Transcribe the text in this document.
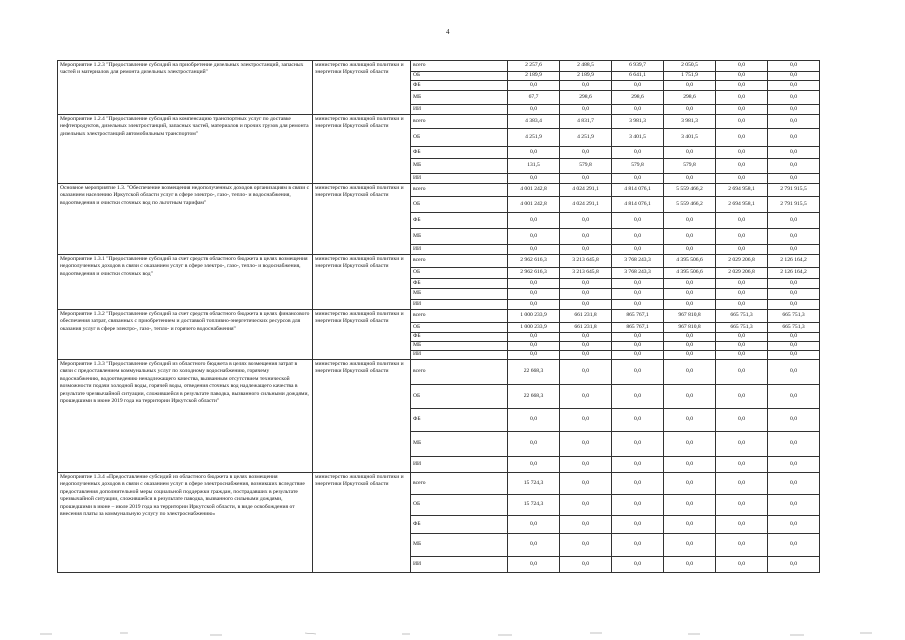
4
Мероприятие 1.2.3 "Предоставление субсидий на приобретение дизельных электростанций, запасных частей и материалов для ремонта дизельных электростанций"	министерство жилищной политики и энергетики Иркутской области	всего	2 257,6	2 488,5	6 939,7	2 050,5	0,0	0,0
		ОБ	2 189,9	2 189,9	6 641,1	1 751,9	0,0	0,0
		ФБ	0,0	0,0	0,0	0,0	0,0	0,0
		МБ	67,7	298,6	298,6	298,6	0,0	0,0
		ИИ	0,0	0,0	0,0	0,0	0,0	0,0
Мероприятие 1.2.4 "Предоставление субсидий на компенсацию транспортных услуг по доставке нефтепродуктов, дизельных электростанций, запасных частей, материалов и прочих грузов для ремонта дизельных электростанций автомобильным транспортом"	министерство жилищной политики и энергетики Иркутской области	всего	4 383,4	4 831,7	3 981,3	3 981,3	0,0	0,0
		ОБ	4 251,9	4 251,9	3 401,5	3 401,5	0,0	0,0
		ФБ	0,0	0,0	0,0	0,0	0,0	0,0
		МБ	131,5	579,8	579,8	579,8	0,0	0,0
		ИИ	0,0	0,0	0,0	0,0	0,0	0,0
Основное мероприятие 1.3. "Обеспечение возмещения недополученных доходов организациям в связи с оказанием населению Иркутской области услуг в сфере электро-, газо-, тепло- и водоснабжения, водоотведения и очистки сточных вод по льготным тарифам"	министерство жилищной политики и энергетики Иркутской области	всего	4 001 242,8	4 024 291,1	4 814 076,1	5 559 466,2	2 694 958,1	2 791 915,5
		ОБ	4 001 242,8	4 024 291,1	4 814 076,1	5 559 466,2	2 694 958,1	2 791 915,5
		ФБ	0,0	0,0	0,0	0,0	0,0	0,0
		МБ	0,0	0,0	0,0	0,0	0,0	0,0
		ИИ	0,0	0,0	0,0	0,0	0,0	0,0
Мероприятие 1.3.1 "Предоставление субсидий за счет средств областного бюджета в целях возмещения недополученных доходов в связи с оказанием услуг в сфере электро-, газо-, тепло- и водоснабжения, водоотведения и очистки сточных вод"	министерство жилищной политики и энергетики Иркутской области	всего	2 962 616,3	3 213 645,8	3 768 243,3	4 395 506,6	2 029 206,8	2 126 164,2
		ОБ	2 962 616,3	3 213 645,8	3 768 243,3	4 395 506,6	2 029 206,8	2 126 164,2
		ФБ	0,0	0,0	0,0	0,0	0,0	0,0
		МБ	0,0	0,0	0,0	0,0	0,0	0,0
		ИИ	0,0	0,0	0,0	0,0	0,0	0,0
Мероприятие 1.3.2 "Предоставление субсидий за счет средств областного бюджета в целях финансового обеспечения затрат, связанных с приобретением и доставкой топливно-энергетических ресурсов для оказания услуг в сфере электро-, газо-, тепло- и горячего водоснабжения"	министерство жилищной политики и энергетики Иркутской области	всего	1 000 233,9	661 231,8	865 767,1	967 810,8	665 751,3	665 751,3
		ОБ	1 000 233,9	661 231,8	865 767,1	967 810,8	665 751,3	665 751,3
		ФБ	0,0	0,0	0,0	0,0	0,0	0,0
		МБ	0,0	0,0	0,0	0,0	0,0	0,0
		ИИ	0,0	0,0	0,0	0,0	0,0	0,0
Мероприятие 1.3.3 "Предоставление субсидий из областного бюджета в целях возмещения затрат в связи с предоставлением коммунальных услуг по холодному водоснабжению, горячему водоснабжению, водоотведению ненадлежащего качества, вызванным отсутствием технической возможности подачи холодной воды, горячей воды, отведения сточных вод надлежащего качества в результате чрезвычайной ситуации, сложившейся в результате паводка, вызванного сильными дождями, прошедшими в июне 2019 года на территории Иркутской области"	министерство жилищной политики и энергетики Иркутской области	всего	22 668,3	0,0	0,0	0,0	0,0	0,0
		ОБ	22 668,3	0,0	0,0	0,0	0,0	0,0
		ФБ	0,0	0,0	0,0	0,0	0,0	0,0
		МБ	0,0	0,0	0,0	0,0	0,0	0,0
		ИИ	0,0	0,0	0,0	0,0	0,0	0,0
Мероприятие 1.3.4 «Предоставление субсидий из областного бюджета в целях возмещения недополученных доходов в связи с оказанием услуг в сфере электроснабжения, возникших вследствие предоставления дополнительной меры социальной поддержки граждан, пострадавших в результате чрезвычайной ситуации, сложившейся в результате паводка, вызванного сильными дождями, прошедшими в июне – июле 2019 года на территории Иркутской области, в виде освобождения от внесения платы за коммунальную услугу по электроснабжению»	министерство жилищной политики и энергетики Иркутской области	всего	15 724,3	0,0	0,0	0,0	0,0	0,0
		ОБ	15 724,3	0,0	0,0	0,0	0,0	0,0
		ФБ	0,0	0,0	0,0	0,0	0,0	0,0
		МБ	0,0	0,0	0,0	0,0	0,0	0,0
		ИИ	0,0	0,0	0,0	0,0	0,0	0,0
